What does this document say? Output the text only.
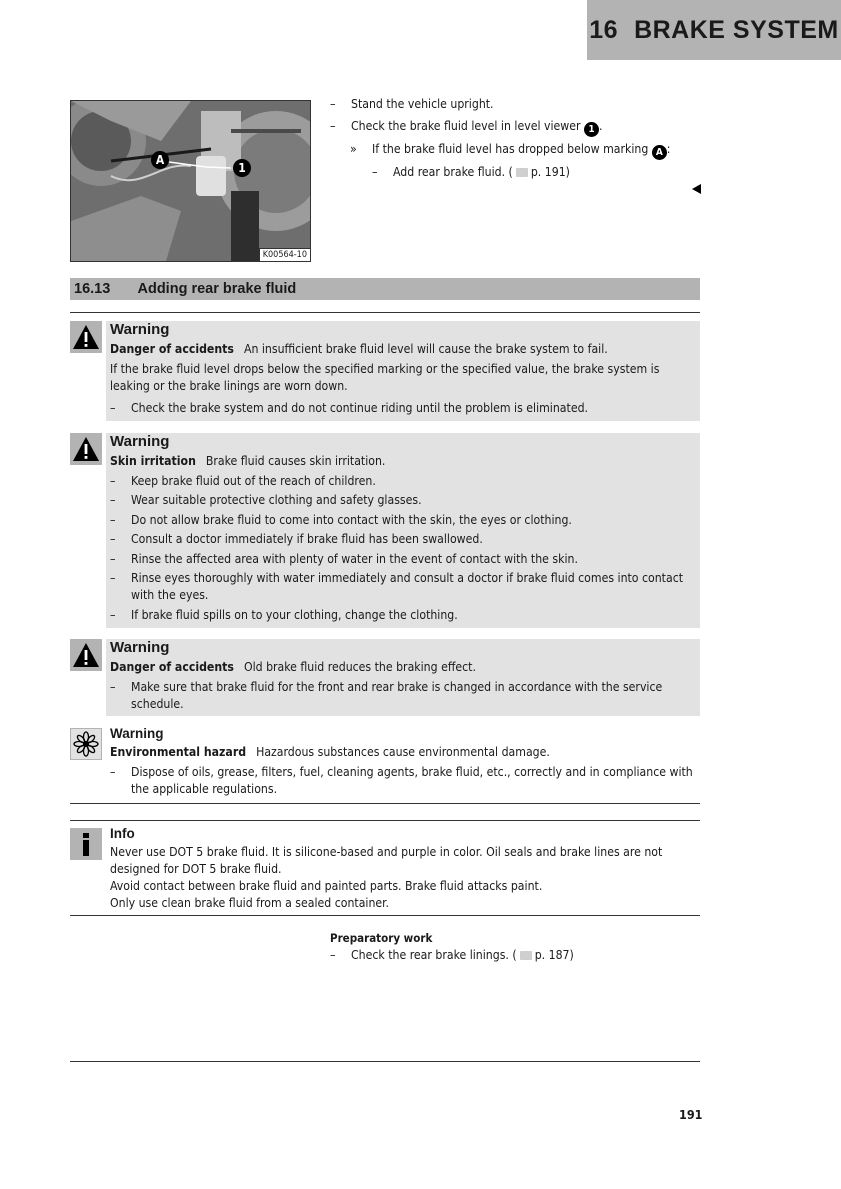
16 BRAKE SYSTEM
A
1
K00564-10
–	Stand the vehicle upright.
–	Check the brake fluid level in level viewer 1 .
»	If the brake fluid level has dropped below marking A :
–	Add rear brake fluid. ( p. 191)
16.13 Adding rear brake fluid
Warning

Danger of accidents An insufficient brake fluid level will cause the brake system to fail.

If the brake fluid level drops below the specified marking or the specified value, the brake system is leaking or the brake linings are worn down.

–	Check the brake system and do not continue riding until the problem is eliminated.
Warning

Skin irritation Brake fluid causes skin irritation.

–	Keep brake fluid out of the reach of children.
–	Wear suitable protective clothing and safety glasses.
–	Do not allow brake fluid to come into contact with the skin, the eyes or clothing.
–	Consult a doctor immediately if brake fluid has been swallowed.
–	Rinse the affected area with plenty of water in the event of contact with the skin.
–	Rinse eyes thoroughly with water immediately and consult a doctor if brake fluid comes into contact with the eyes.
–	If brake fluid spills on to your clothing, change the clothing.
Warning

Danger of accidents Old brake fluid reduces the braking effect.

–	Make sure that brake fluid for the front and rear brake is changed in accordance with the service schedule.
Warning

Environmental hazard Hazardous substances cause environmental damage.

–	Dispose of oils, grease, filters, fuel, cleaning agents, brake fluid, etc., correctly and in compliance with the applicable regulations.
Info
Never use DOT 5 brake fluid. It is silicone-based and purple in color. Oil seals and brake lines are not designed for DOT 5 brake fluid.
Avoid contact between brake fluid and painted parts. Brake fluid attacks paint.
Only use clean brake fluid from a sealed container.
Preparatory work
–	Check the rear brake linings. ( p. 187)
191
